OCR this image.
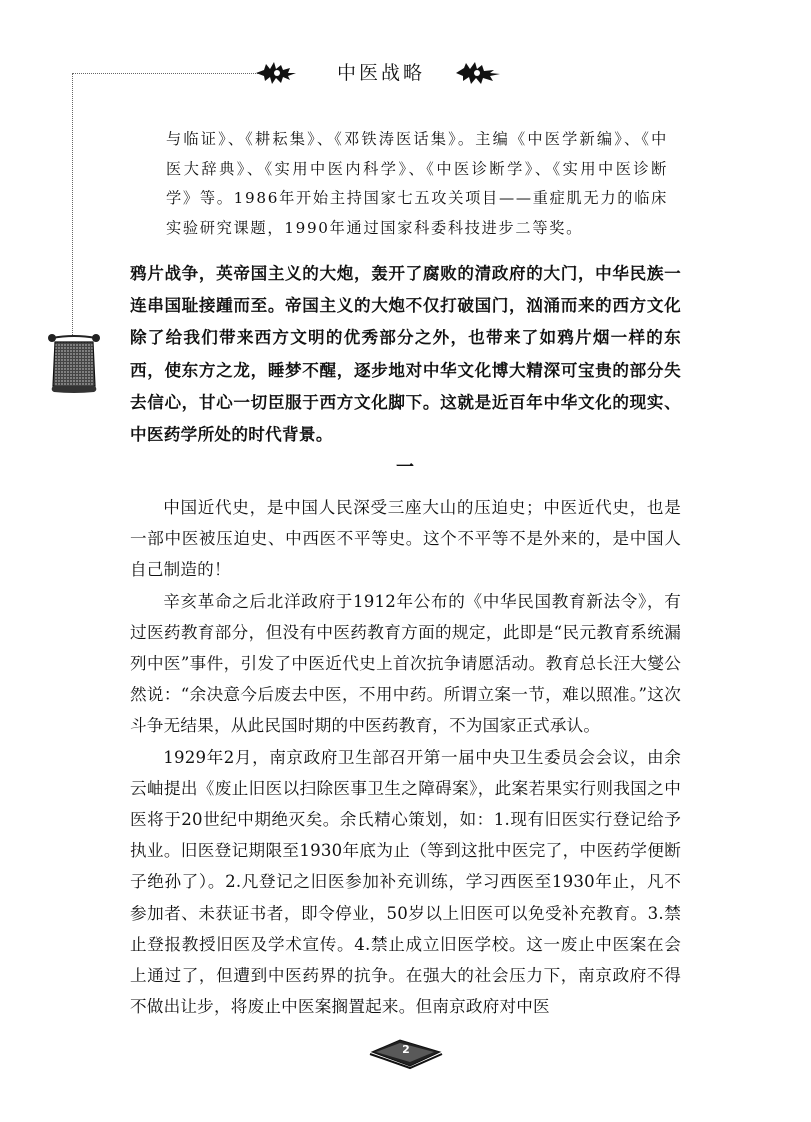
中医战略

与临证》、《耕耘集》、《邓铁涛医话集》。主编《中医学新编》、《中医大辞典》、《实用中医内科学》、《中医诊断学》、《实用中医诊断学》等。1986年开始主持国家七五攻关项目——重症肌无力的临床实验研究课题，1990年通过国家科委科技进步二等奖。

鸦片战争，英帝国主义的大炮，轰开了腐败的清政府的大门，中华民族一连串国耻接踵而至。帝国主义的大炮不仅打破国门，汹涌而来的西方文化除了给我们带来西方文明的优秀部分之外，也带来了如鸦片烟一样的东西，使东方之龙，睡梦不醒，逐步地对中华文化博大精深可宝贵的部分失去信心，甘心一切臣服于西方文化脚下。这就是近百年中华文化的现实、中医药学所处的时代背景。

一

中国近代史，是中国人民深受三座大山的压迫史；中医近代史，也是一部中医被压迫史、中西医不平等史。这个不平等不是外来的，是中国人自己制造的！

辛亥革命之后北洋政府于1912年公布的《中华民国教育新法令》，有过医药教育部分，但没有中医药教育方面的规定，此即是“民元教育系统漏列中医”事件，引发了中医近代史上首次抗争请愿活动。教育总长汪大燮公然说：“余决意今后废去中医，不用中药。所谓立案一节，难以照准。”这次斗争无结果，从此民国时期的中医药教育，不为国家正式承认。

1929年2月，南京政府卫生部召开第一届中央卫生委员会会议，由余云岫提出《废止旧医以扫除医事卫生之障碍案》，此案若果实行则我国之中医将于20世纪中期绝灭矣。余氏精心策划，如：1.现有旧医实行登记给予执业。旧医登记期限至1930年底为止（等到这批中医完了，中医药学便断子绝孙了）。2.凡登记之旧医参加补充训练，学习西医至1930年止，凡不参加者、未获证书者，即令停业，50岁以上旧医可以免受补充教育。3.禁止登报教授旧医及学术宣传。4.禁止成立旧医学校。这一废止中医案在会上通过了，但遭到中医药界的抗争。在强大的社会压力下，南京政府不得不做出让步，将废止中医案搁置起来。但南京政府对中医

2
